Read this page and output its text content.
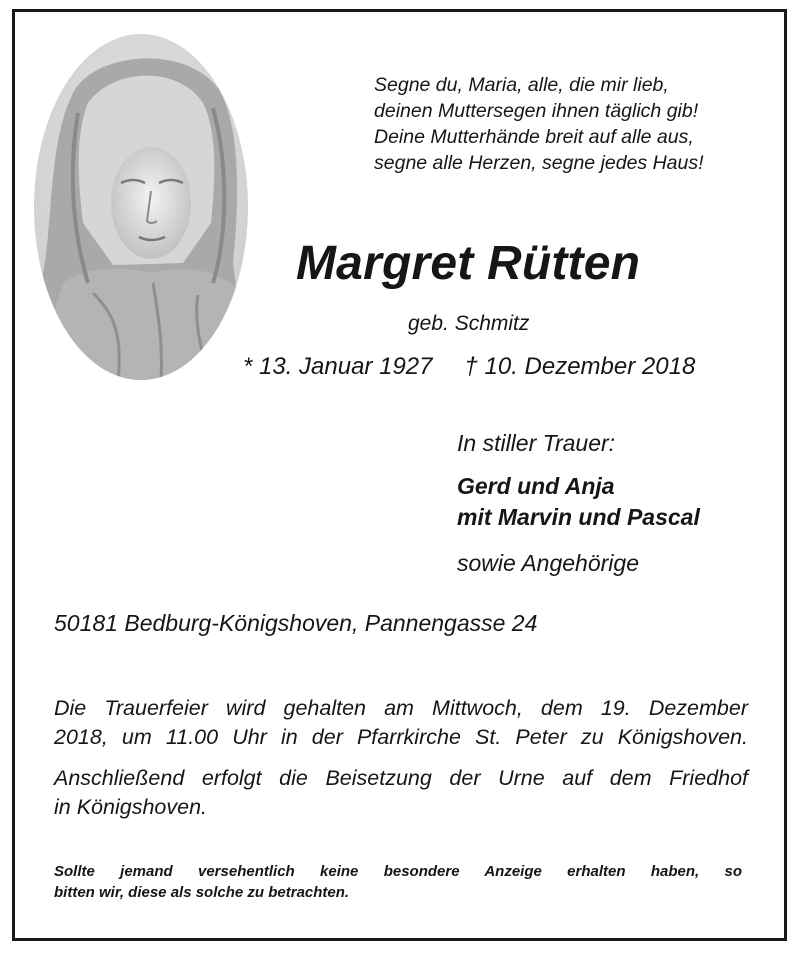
Segne du, Maria, alle, die mir lieb,
deinen Muttersegen ihnen täglich gib!
Deine Mutterhände breit auf alle aus,
segne alle Herzen, segne jedes Haus!
Margret Rütten
geb. Schmitz
* 13. Januar 1927 † 10. Dezember 2018
In stiller Trauer:
Gerd und Anja
mit Marvin und Pascal
sowie Angehörige
50181 Bedburg-Königshoven, Pannengasse 24
Die Trauerfeier wird gehalten am Mittwoch, dem 19. Dezember
2018, um 11.00 Uhr in der Pfarrkirche St. Peter zu Königshoven.
Anschließend erfolgt die Beisetzung der Urne auf dem Friedhof
in Königshoven.
Sollte jemand versehentlich keine besondere Anzeige erhalten haben, so
bitten wir, diese als solche zu betrachten.
